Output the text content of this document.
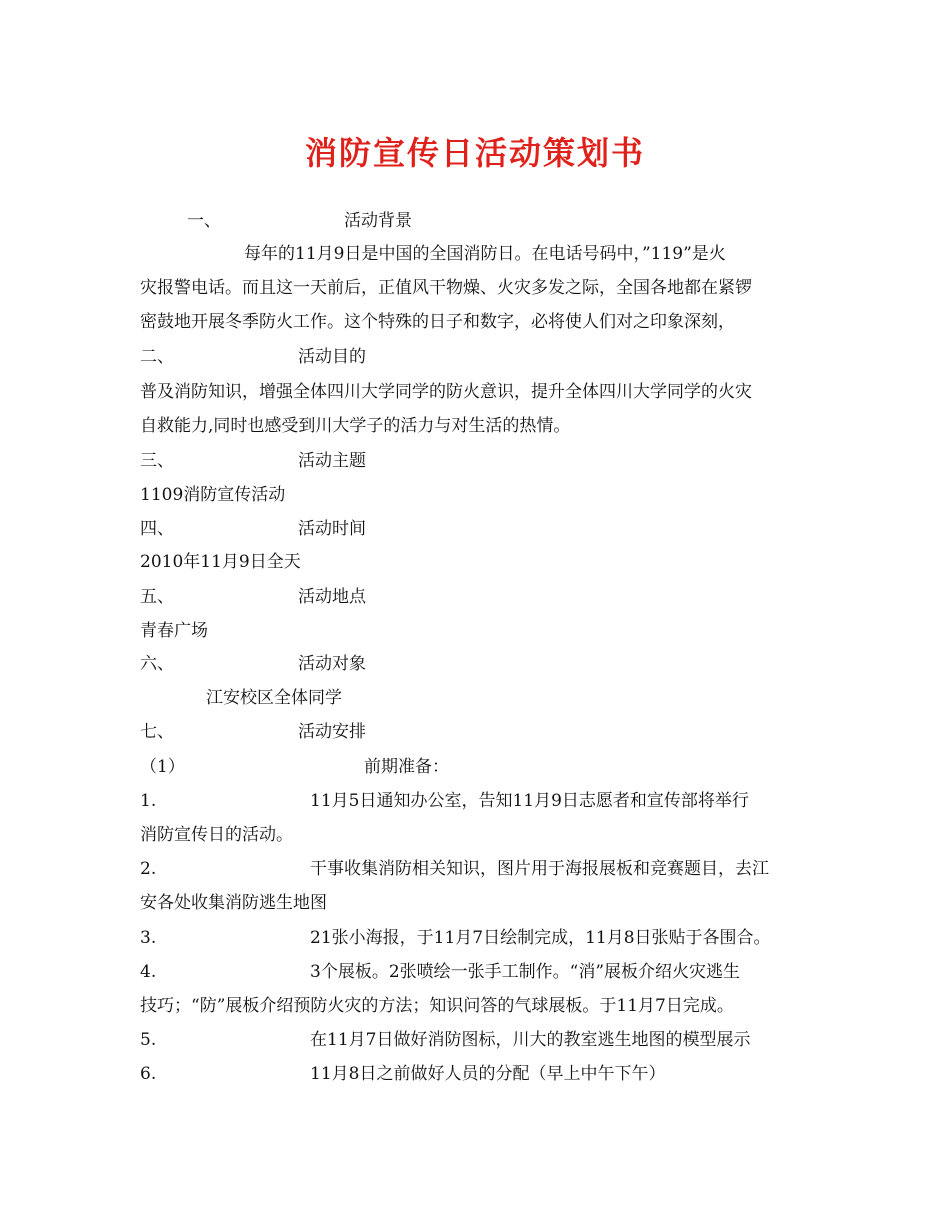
消防宣传日活动策划书
一、	活动背景
每年的11月9日是中国的全国消防日。在电话号码中，”119”是火
灾报警电话。而且这一天前后，正值风干物燥、火灾多发之际，全国各地都在紧锣
密鼓地开展冬季防火工作。这个特殊的日子和数字，必将使人们对之印象深刻，
二、	活动目的
普及消防知识，增强全体四川大学同学的防火意识，提升全体四川大学同学的火灾
自救能力,同时也感受到川大学子的活力与对生活的热情。
三、	活动主题
1109消防宣传活动
四、	活动时间
2010年11月9日全天
五、	活动地点
青春广场
六、	活动对象
江安校区全体同学
七、	活动安排
（1）	前期准备：
1.	11月5日通知办公室，告知11月9日志愿者和宣传部将举行
消防宣传日的活动。
2.	干事收集消防相关知识，图片用于海报展板和竞赛题目，去江
安各处收集消防逃生地图
3.	21张小海报，于11月7日绘制完成，11月8日张贴于各围合。
4.	3个展板。2张喷绘一张手工制作。“消”展板介绍火灾逃生
技巧；“防”展板介绍预防火灾的方法；知识问答的气球展板。于11月7日完成。
5.	在11月7日做好消防图标，川大的教室逃生地图的模型展示
6.	11月8日之前做好人员的分配（早上中午下午）
